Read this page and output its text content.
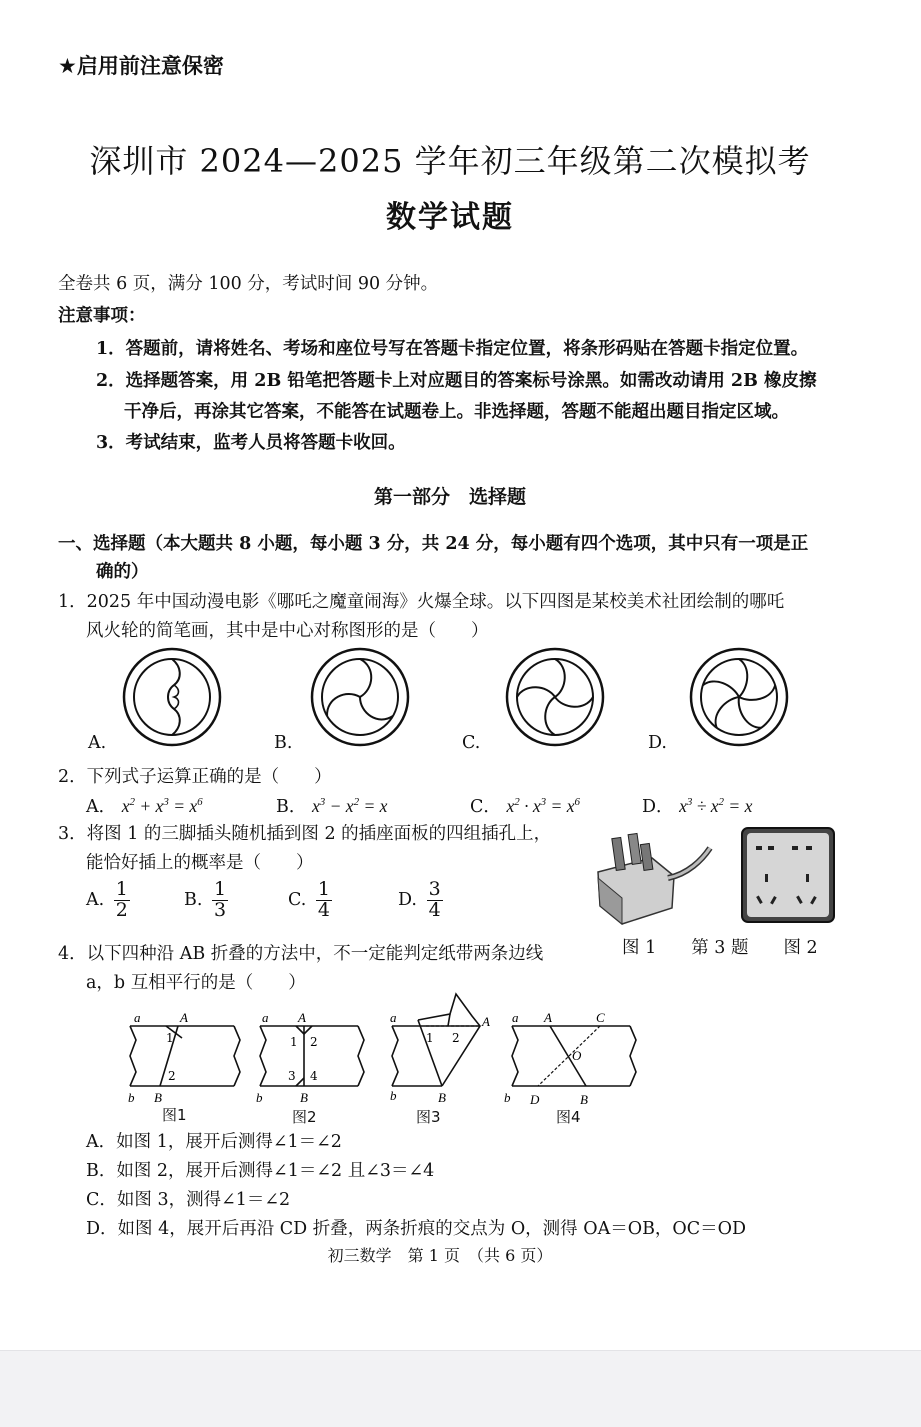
★启用前注意保密
深圳市 2024—2025 学年初三年级第二次模拟考
数学试题
全卷共 6 页，满分 100 分，考试时间 90 分钟。
注意事项：
1．答题前，请将姓名、考场和座位号写在答题卡指定位置，将条形码贴在答题卡指定位置。
2．选择题答案，用 2B 铅笔把答题卡上对应题目的答案标号涂黑。如需改动请用 2B 橡皮擦
干净后，再涂其它答案，不能答在试题卷上。非选择题，答题不能超出题目指定区域。
3．考试结束，监考人员将答题卡收回。
第一部分　选择题
一、选择题（本大题共 8 小题，每小题 3 分，共 24 分，每小题有四个选项，其中只有一项是正
确的）
1．2025 年中国动漫电影《哪吒之魔童闹海》火爆全球。以下四图是某校美术社团绘制的哪吒
风火轮的简笔画，其中是中心对称图形的是（　　）
A.	B.	C.	D.
2．下列式子运算正确的是（　　）
A． $x^2 + x^3 = x^6$	B． $x^3 - x^2 = x$	C． $x^2 \cdot x^3 = x^6$	D． $x^3 \div x^2 = x$
3．将图 1 的三脚插头随机插到图 2 的插座面板的四组插孔上，
能恰好插上的概率是（　　）
A. $\frac{1}{2}$	B. $\frac{1}{3}$	C. $\frac{1}{4}$	D. $\frac{3}{4}$
图 1　　第 3 题　　图 2
4．以下四种沿 AB 折叠的方法中，不一定能判定纸带两条边线
a，b 互相平行的是（　　）
a	A
1
2
b B
图1
a A
1 2
3 4
b	B
图2
a	A
1 2
b	B
图3
a A	C
O
b D	B
图4
A．如图 1，展开后测得∠1＝∠2
B．如图 2，展开后测得∠1＝∠2 且∠3＝∠4
C．如图 3，测得∠1＝∠2
D．如图 4，展开后再沿 CD 折叠，两条折痕的交点为 O，测得 OA＝OB，OC＝OD
初三数学　第 1 页　（共 6 页）
